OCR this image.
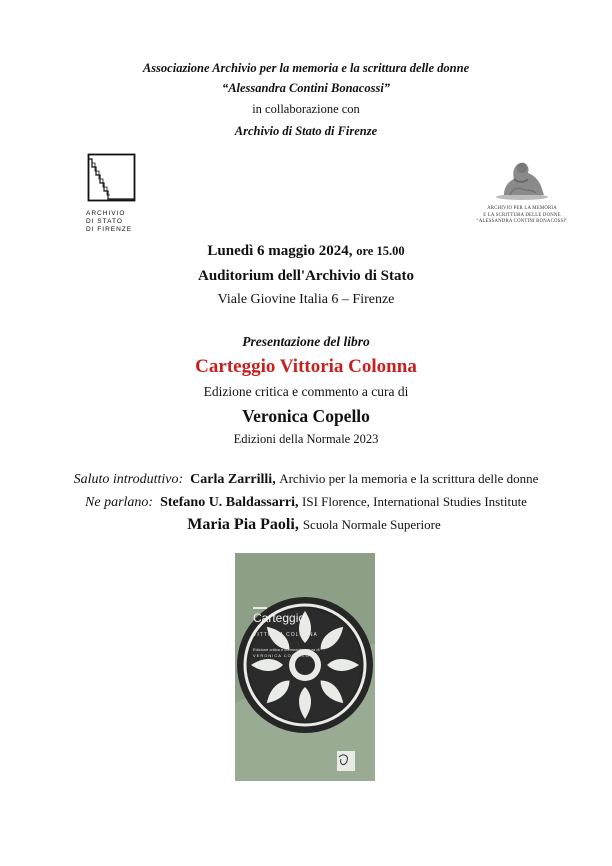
Associazione Archivio per la memoria e la scrittura delle donne
“Alessandra Contini Bonacossi”
in collaborazione con
Archivio di Stato di Firenze
ARCHIVIO
DI STATO
DI FIRENZE
ARCHIVIO PER LA MEMORIA
E LA SCRITTURA DELLE DONNE
“ALESSANDRA CONTINI BONACOSSI”
Lunedì 6 maggio 2024, ore 15.00
Auditorium dell'Archivio di Stato
Viale Giovine Italia 6 – Firenze
Presentazione del libro
Carteggio Vittoria Colonna
Edizione critica e commento a cura di
Veronica Copello
Edizioni della Normale 2023
Saluto introduttivo: Carla Zarrilli, Archivio per la memoria e la scrittura delle donne
Ne parlano: Stefano U. Baldassarri, ISI Florence, International Studies Institute
Maria Pia Paoli, Scuola Normale Superiore
Carteggio
VITTORIA COLONNA
Edizione critica e commento a cura di
VERONICA COPELLO
